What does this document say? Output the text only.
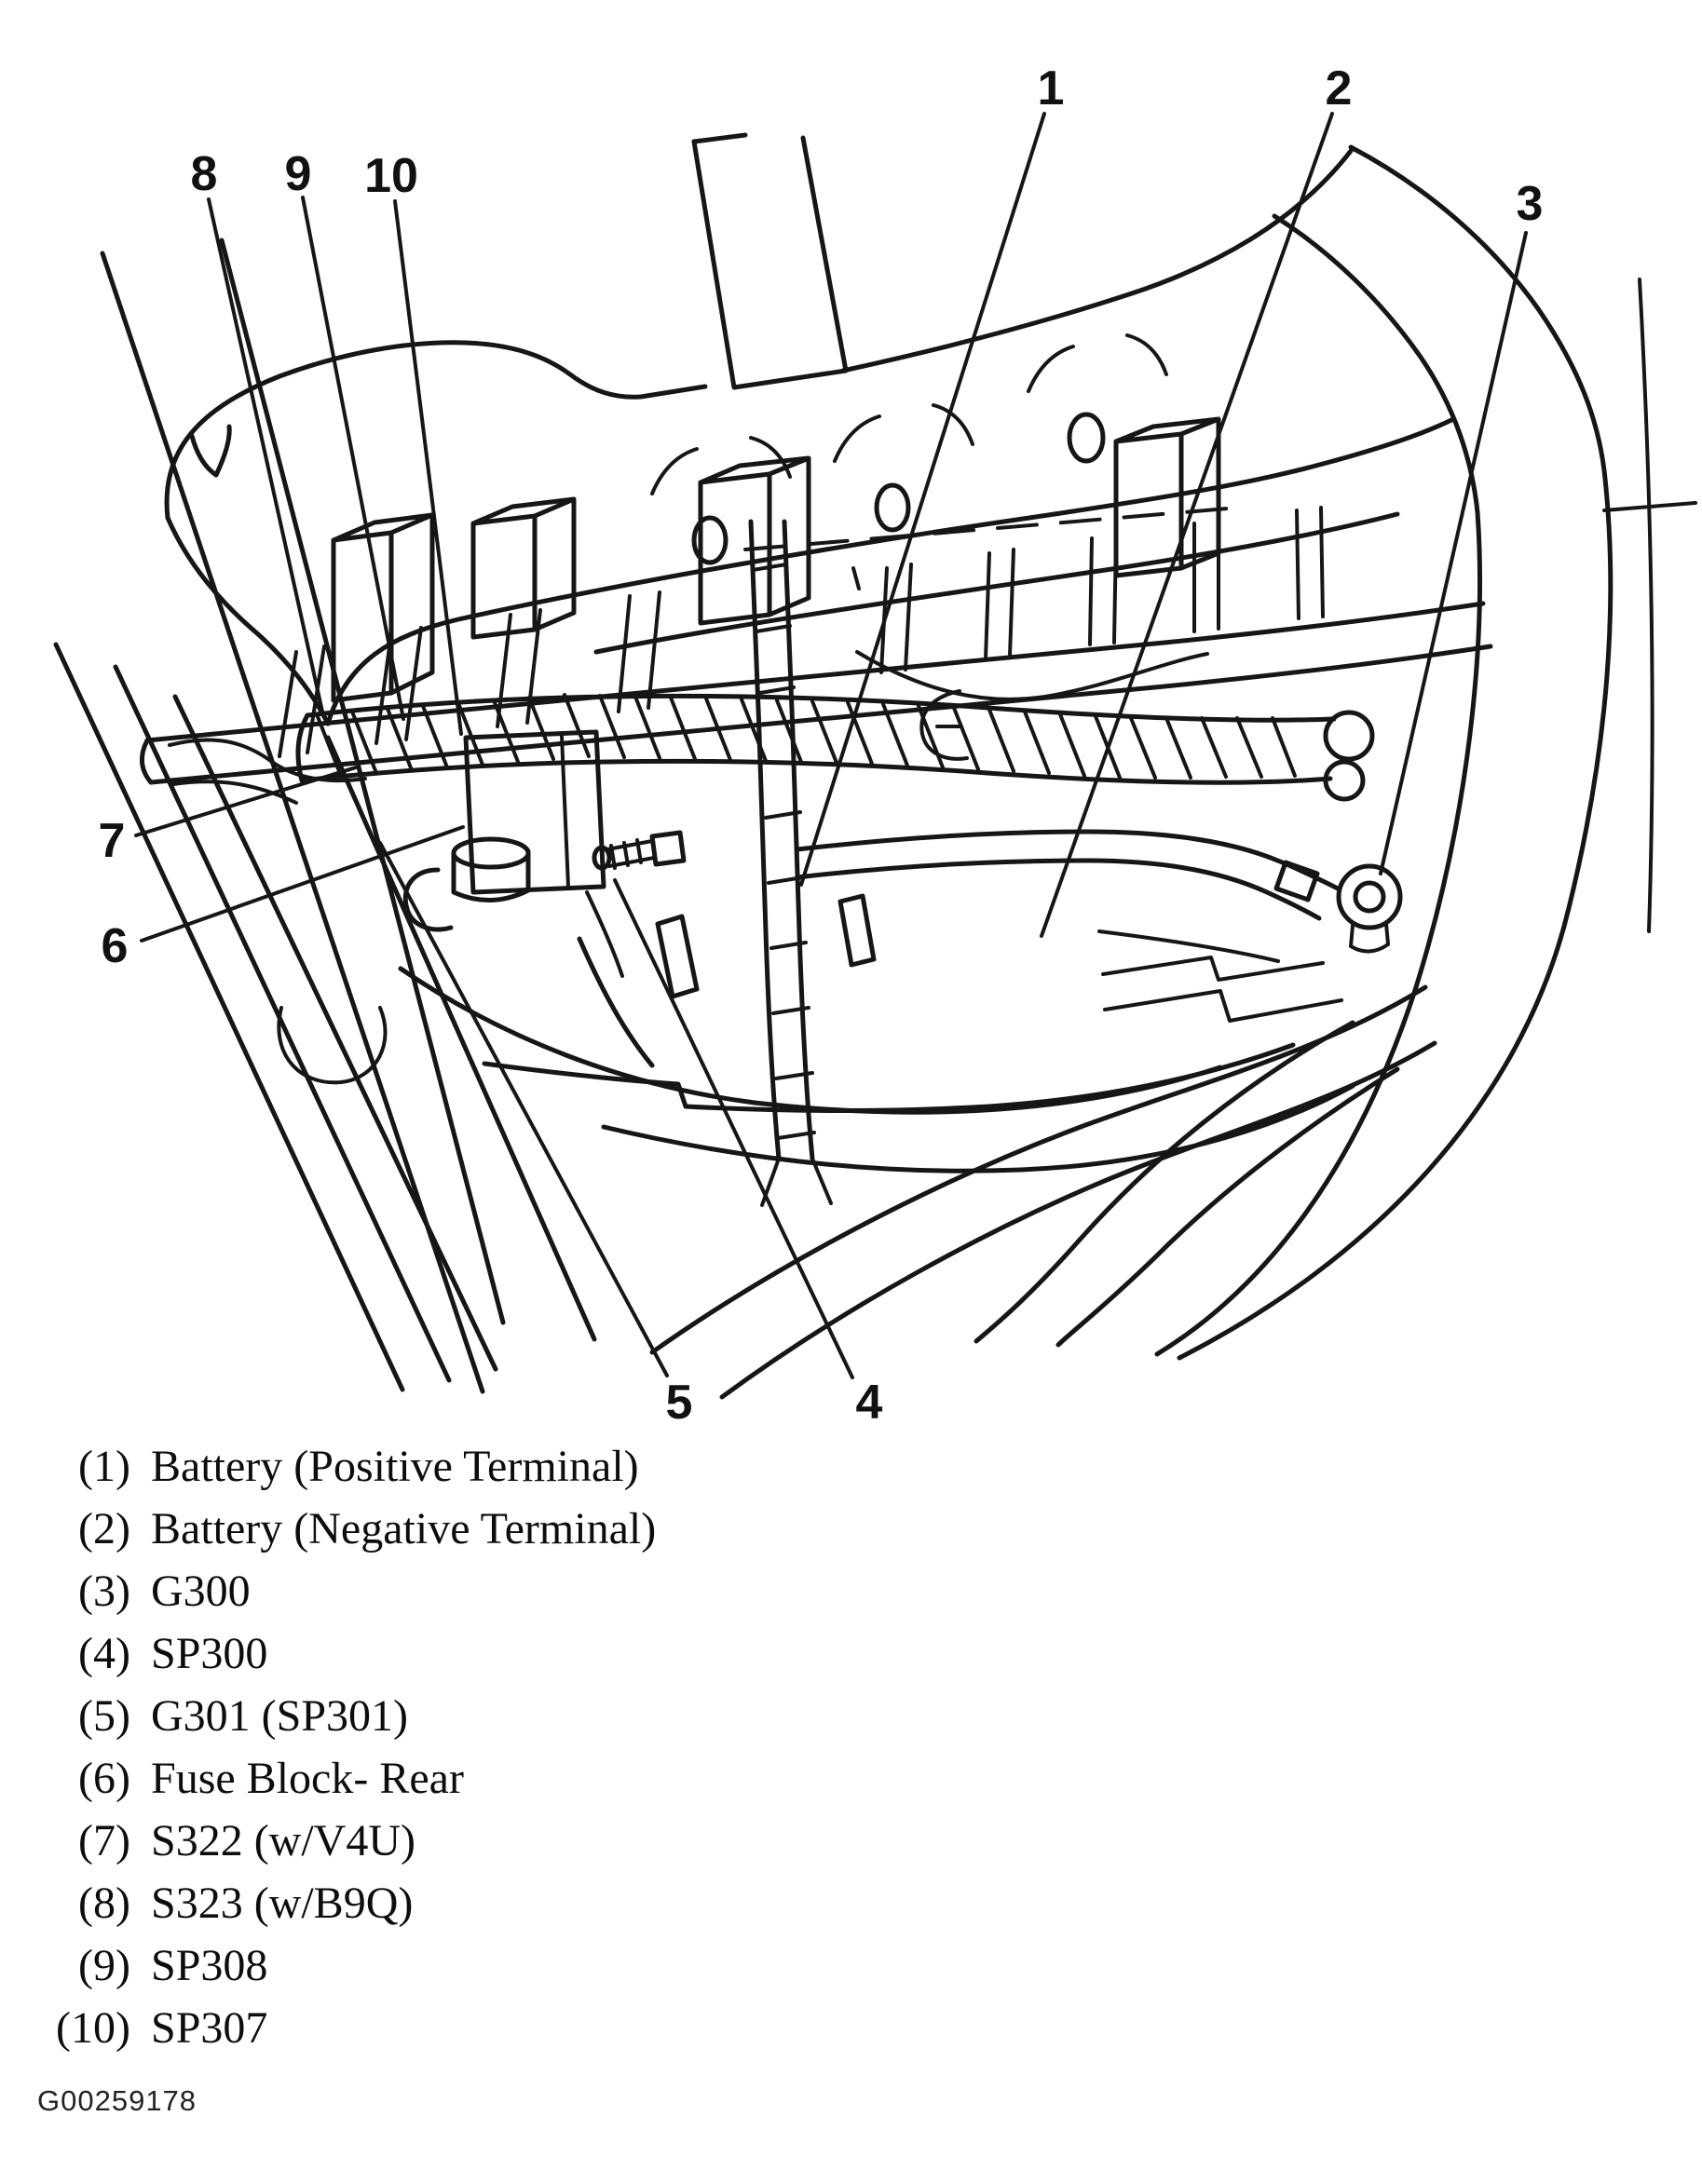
1	2
3
4
5
6
7
8 9 10
(1) Battery (Positive Terminal)
(2) Battery (Negative Terminal)
(3) G300
(4) SP300
(5) G301 (SP301)
(6) Fuse Block- Rear
(7) S322 (w/V4U)
(8) S323 (w/B9Q)
(9) SP308
(10) SP307
G00259178
